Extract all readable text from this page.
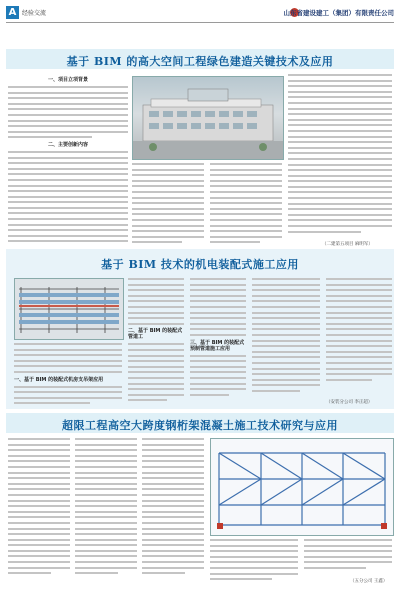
A 经验交流	山东省建设建工（集团）有限责任公司
基于 BIM 的高大空间工程绿色建造关键技术及应用
一、项目立项背景
二、主要创新内容
（二建第五项目 麻明军）
基于 BIM 技术的机电装配式施工应用
一、基于 BIM 的装配式机房支吊架应用
二、基于 BIM 的装配式管道工
三、基于 BIM 的装配式预制管道施工应用
（安装分公司 李正超）
超限工程高空大跨度钢桁架混凝土施工技术研究与应用
（五分公司 王鑫）
